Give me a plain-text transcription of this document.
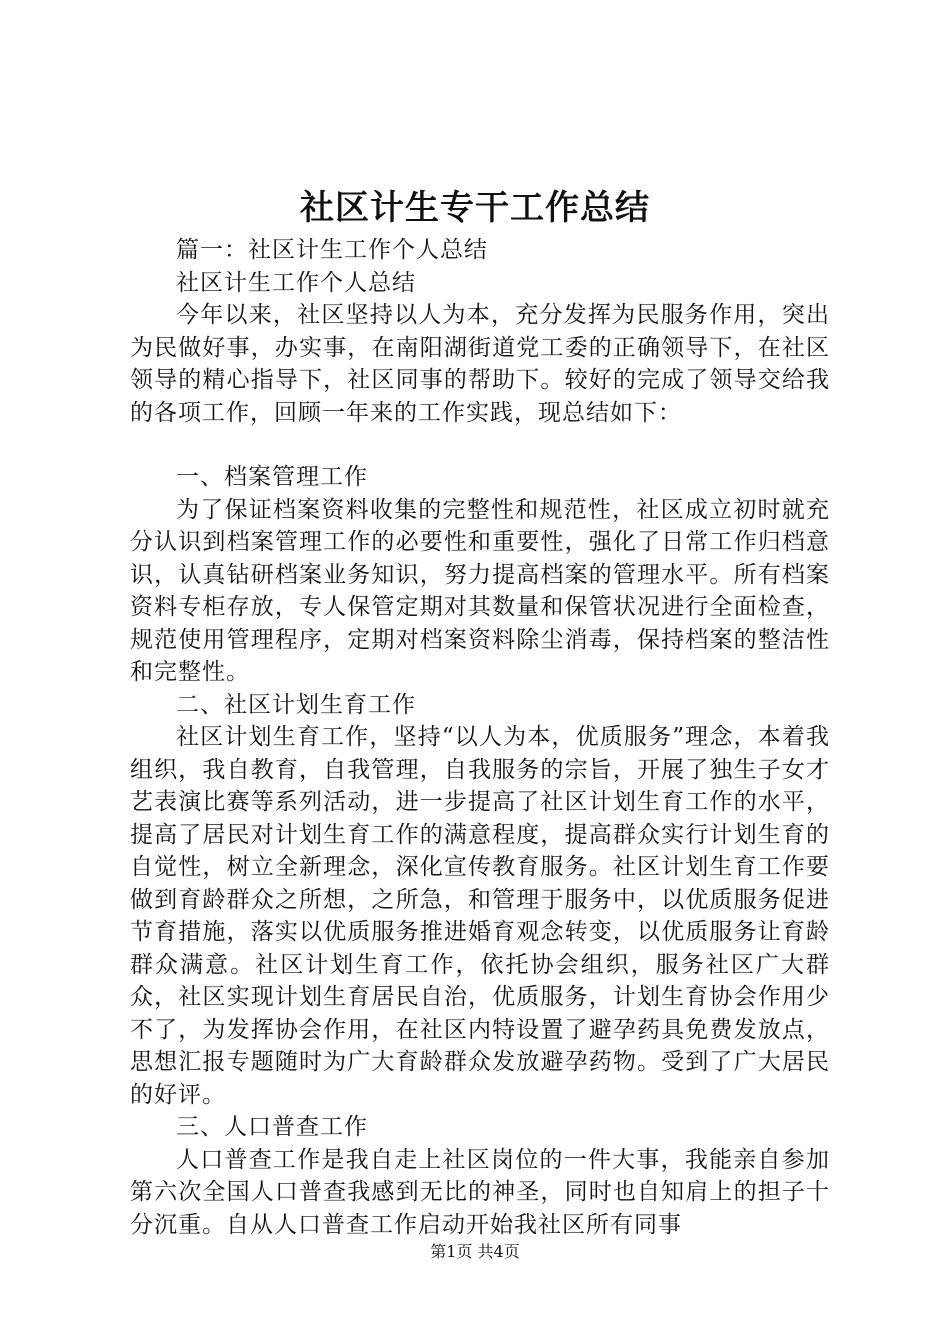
社区计生专干工作总结

篇一：社区计生工作个人总结

社区计生工作个人总结

今年以来，社区坚持以人为本，充分发挥为民服务作用，突出为民做好事，办实事，在南阳湖街道党工委的正确领导下，在社区领导的精心指导下，社区同事的帮助下。较好的完成了领导交给我的各项工作，回顾一年来的工作实践，现总结如下：

一、档案管理工作

为了保证档案资料收集的完整性和规范性，社区成立初时就充分认识到档案管理工作的必要性和重要性，强化了日常工作归档意识，认真钻研档案业务知识，努力提高档案的管理水平。所有档案资料专柜存放，专人保管定期对其数量和保管状况进行全面检查，规范使用管理程序，定期对档案资料除尘消毒，保持档案的整洁性和完整性。

二、社区计划生育工作

社区计划生育工作，坚持“以人为本，优质服务”理念，本着我组织，我自教育，自我管理，自我服务的宗旨，开展了独生子女才艺表演比赛等系列活动，进一步提高了社区计划生育工作的水平，提高了居民对计划生育工作的满意程度，提高群众实行计划生育的自觉性，树立全新理念，深化宣传教育服务。社区计划生育工作要做到育龄群众之所想，之所急，和管理于服务中，以优质服务促进节育措施，落实以优质服务推进婚育观念转变，以优质服务让育龄群众满意。社区计划生育工作，依托协会组织，服务社区广大群众，社区实现计划生育居民自治，优质服务，计划生育协会作用少不了，为发挥协会作用，在社区内特设置了避孕药具免费发放点，思想汇报专题随时为广大育龄群众发放避孕药物。受到了广大居民的好评。

三、人口普查工作

人口普查工作是我自走上社区岗位的一件大事，我能亲自参加第六次全国人口普查我感到无比的神圣，同时也自知肩上的担子十分沉重。自从人口普查工作启动开始我社区所有同事

第1页 共4页
